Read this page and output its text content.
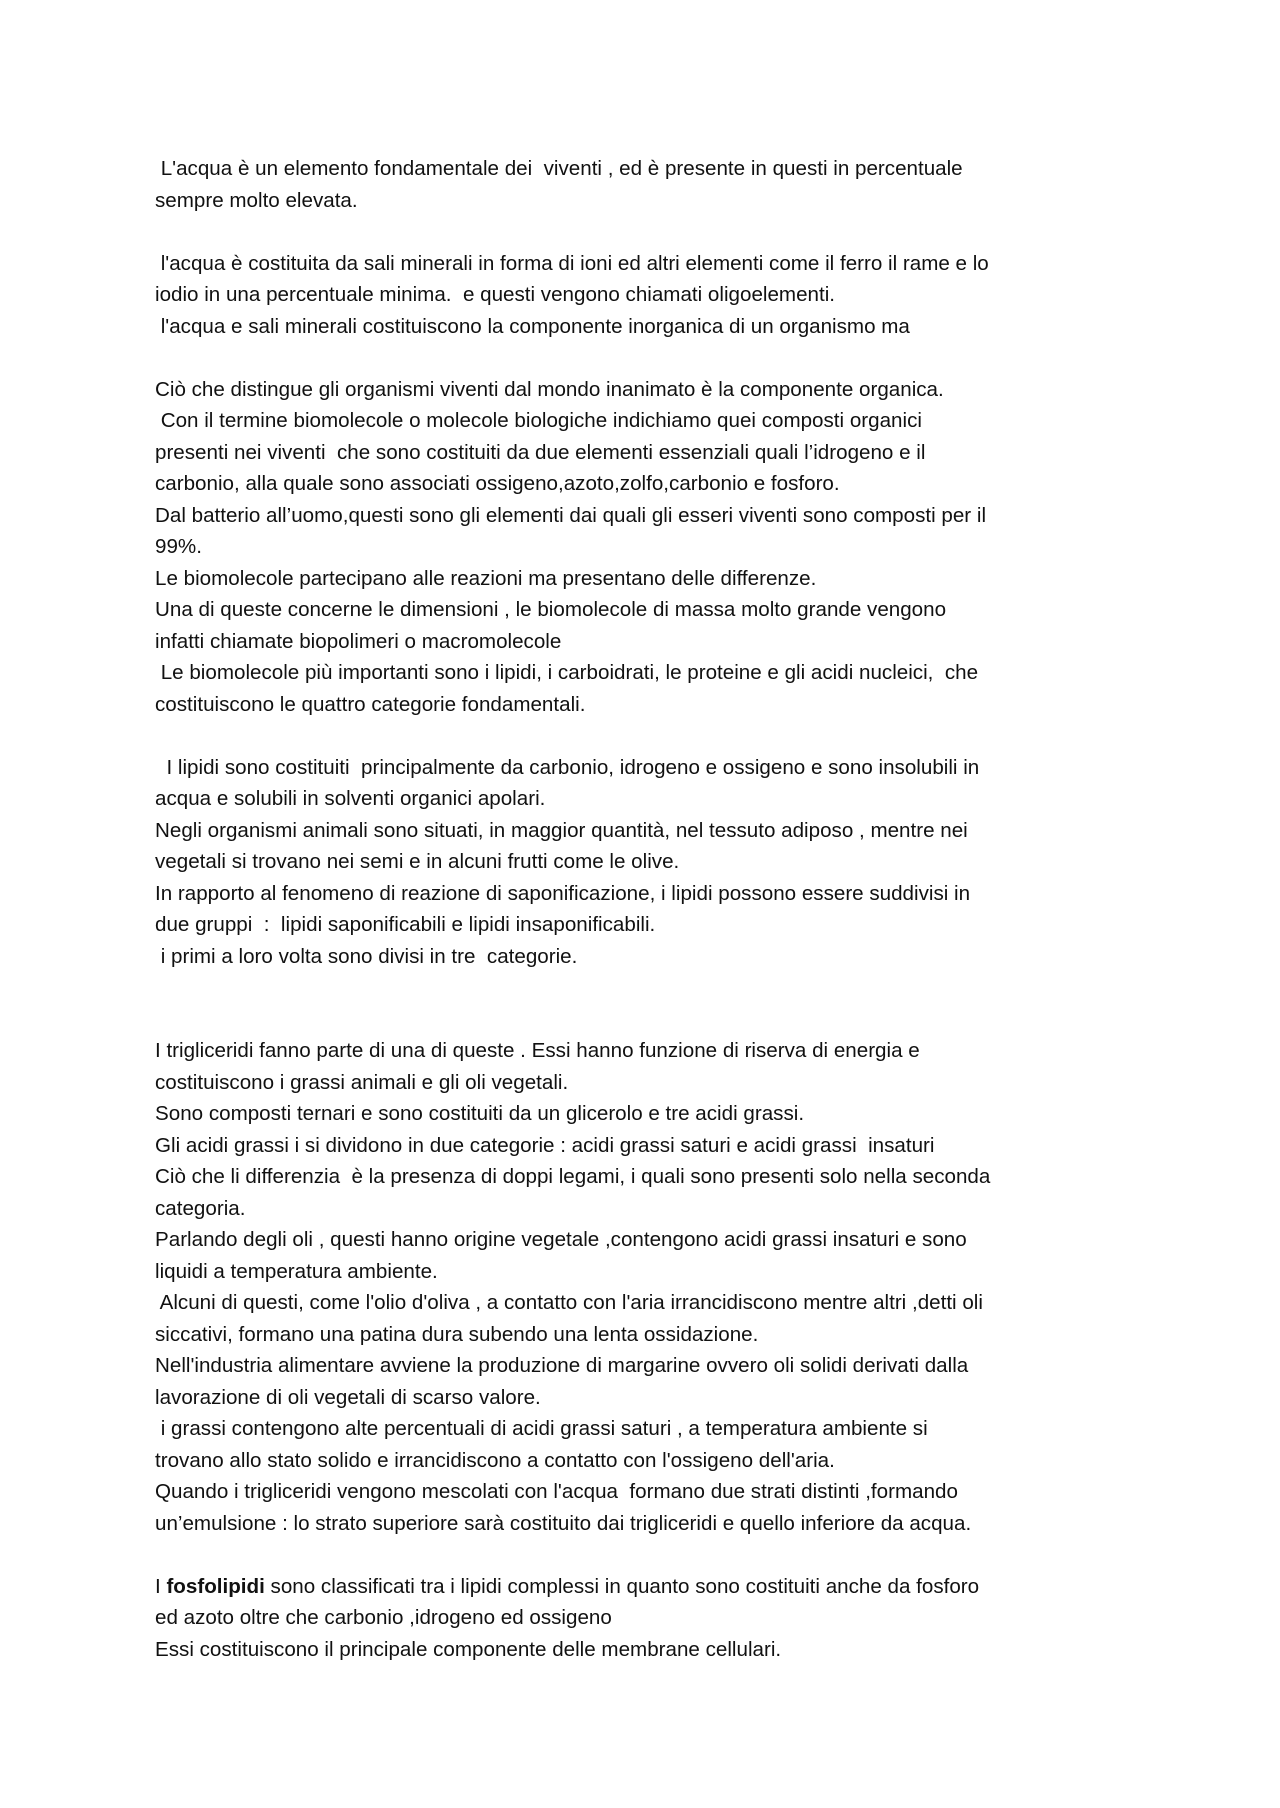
L'acqua è un elemento fondamentale dei  viventi , ed è presente in questi in percentuale
sempre molto elevata.
l'acqua è costituita da sali minerali in forma di ioni ed altri elementi come il ferro il rame e lo
iodio in una percentuale minima.  e questi vengono chiamati oligoelementi.
l'acqua e sali minerali costituiscono la componente inorganica di un organismo ma
Ciò che distingue gli organismi viventi dal mondo inanimato è la componente organica.
Con il termine biomolecole o molecole biologiche indichiamo quei composti organici
presenti nei viventi  che sono costituiti da due elementi essenziali quali l’idrogeno e il
carbonio, alla quale sono associati ossigeno,azoto,zolfo,carbonio e fosforo.
Dal batterio all’uomo,questi sono gli elementi dai quali gli esseri viventi sono composti per il
99%.
Le biomolecole partecipano alle reazioni ma presentano delle differenze.
Una di queste concerne le dimensioni , le biomolecole di massa molto grande vengono
infatti chiamate biopolimeri o macromolecole
Le biomolecole più importanti sono i lipidi, i carboidrati, le proteine e gli acidi nucleici,  che
costituiscono le quattro categorie fondamentali.
I lipidi sono costituiti  principalmente da carbonio, idrogeno e ossigeno e sono insolubili in
acqua e solubili in solventi organici apolari.
Negli organismi animali sono situati, in maggior quantità, nel tessuto adiposo , mentre nei
vegetali si trovano nei semi e in alcuni frutti come le olive.
In rapporto al fenomeno di reazione di saponificazione, i lipidi possono essere suddivisi in
due gruppi  :  lipidi saponificabili e lipidi insaponificabili.
i primi a loro volta sono divisi in tre  categorie.
I trigliceridi fanno parte di una di queste . Essi hanno funzione di riserva di energia e
costituiscono i grassi animali e gli oli vegetali.
Sono composti ternari e sono costituiti da un glicerolo e tre acidi grassi.
Gli acidi grassi i si dividono in due categorie : acidi grassi saturi e acidi grassi  insaturi
Ciò che li differenzia  è la presenza di doppi legami, i quali sono presenti solo nella seconda
categoria.
Parlando degli oli , questi hanno origine vegetale ,contengono acidi grassi insaturi e sono
liquidi a temperatura ambiente.
Alcuni di questi, come l'olio d'oliva , a contatto con l'aria irrancidiscono mentre altri ,detti oli
siccativi, formano una patina dura subendo una lenta ossidazione.
Nell'industria alimentare avviene la produzione di margarine ovvero oli solidi derivati dalla
lavorazione di oli vegetali di scarso valore.
i grassi contengono alte percentuali di acidi grassi saturi , a temperatura ambiente si
trovano allo stato solido e irrancidiscono a contatto con l'ossigeno dell'aria.
Quando i trigliceridi vengono mescolati con l'acqua  formano due strati distinti ,formando
un’emulsione : lo strato superiore sarà costituito dai trigliceridi e quello inferiore da acqua.
I fosfolipidi sono classificati tra i lipidi complessi in quanto sono costituiti anche da fosforo
ed azoto oltre che carbonio ,idrogeno ed ossigeno
Essi costituiscono il principale componente delle membrane cellulari.
